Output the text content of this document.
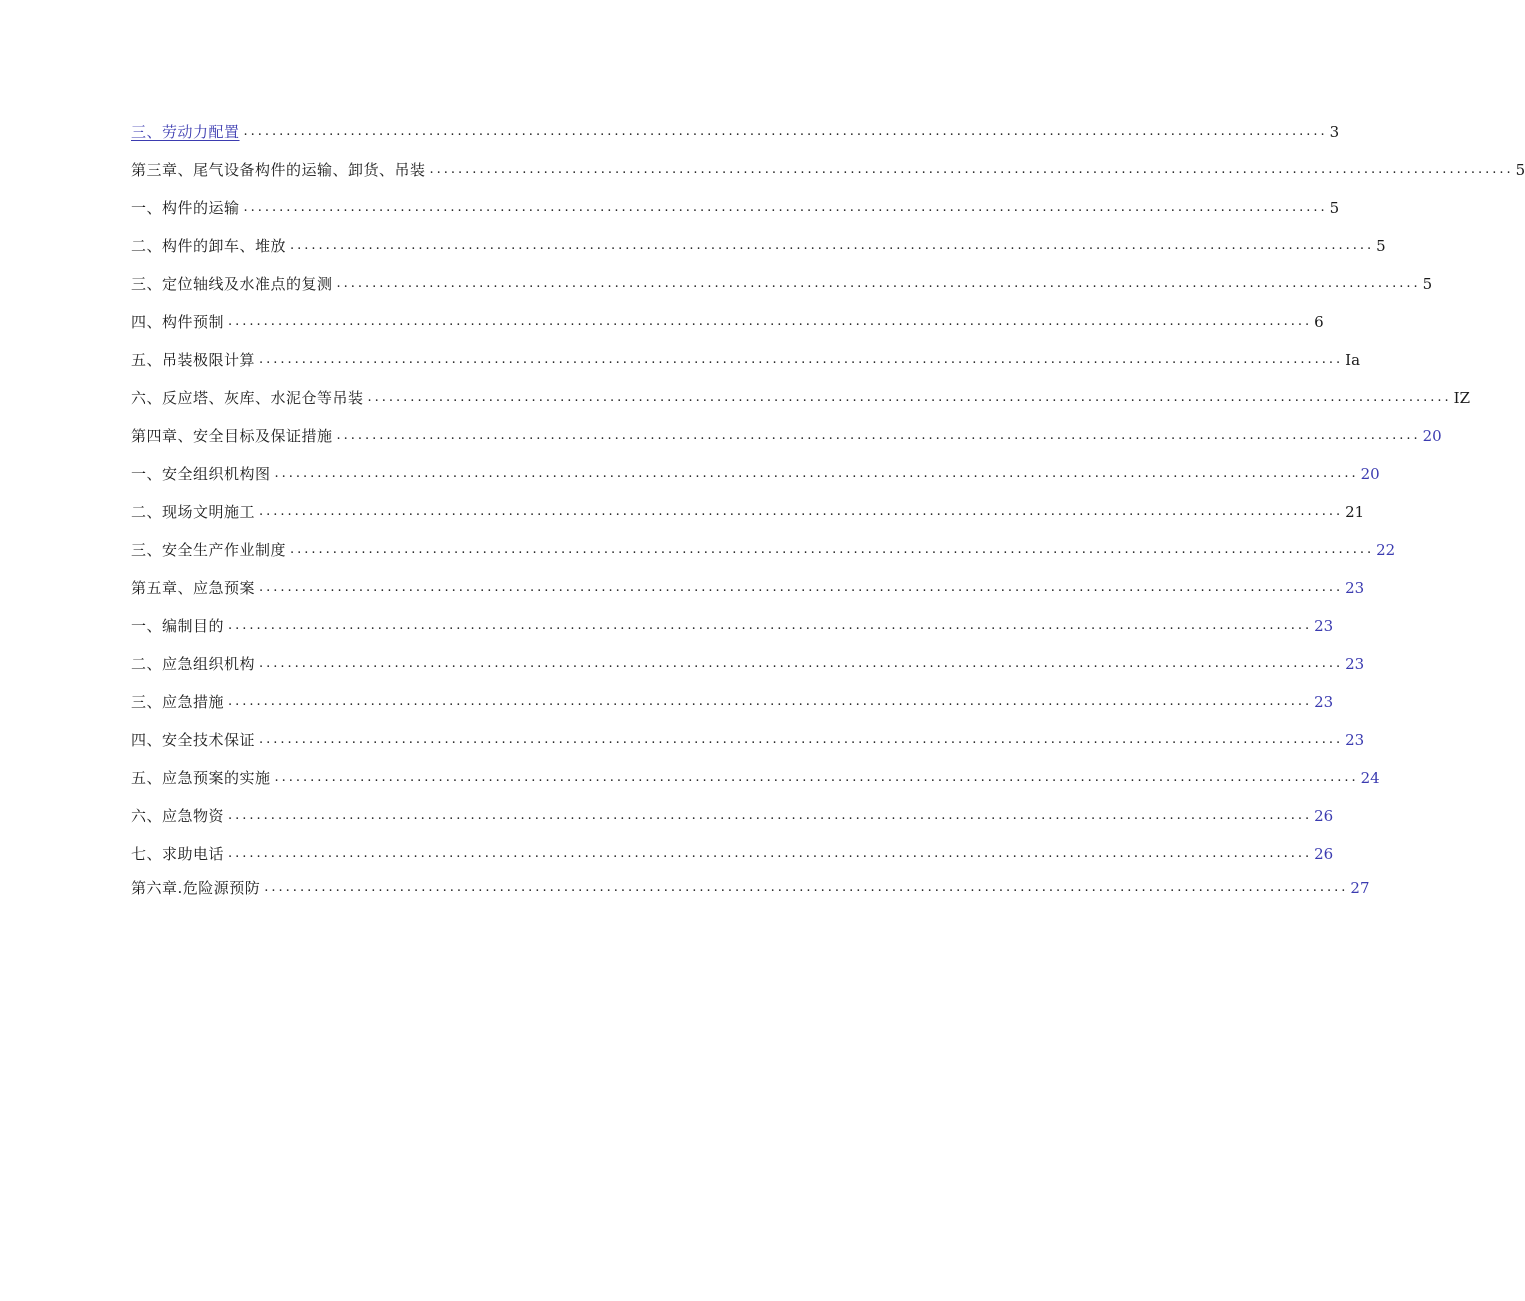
三、劳动力配置 ........................................................................................................................................................ 3
第三章、尾气设备构件的运输、卸货、吊装 ........................................................................................................................................................ 5
一、构件的运输 ........................................................................................................................................................ 5
二、构件的卸车、堆放 ........................................................................................................................................................ 5
三、定位轴线及水准点的复测 ........................................................................................................................................................ 5
四、构件预制 ........................................................................................................................................................ 6
五、吊装极限计算 ........................................................................................................................................................ Ia
六、反应塔、灰库、水泥仓等吊装 ........................................................................................................................................................ IZ
第四章、安全目标及保证措施 ........................................................................................................................................................ 20
一、安全组织机构图 ........................................................................................................................................................ 20
二、现场文明施工 ........................................................................................................................................................ 21
三、安全生产作业制度 ........................................................................................................................................................ 22
第五章、应急预案 ........................................................................................................................................................ 23
一、编制目的 ........................................................................................................................................................ 23
二、应急组织机构 ........................................................................................................................................................ 23
三、应急措施 ........................................................................................................................................................ 23
四、安全技术保证 ........................................................................................................................................................ 23
五、应急预案的实施 ........................................................................................................................................................ 24
六、应急物资 ........................................................................................................................................................ 26
七、求助电话 ........................................................................................................................................................ 26
第六章.危险源预防 ........................................................................................................................................................ 27
